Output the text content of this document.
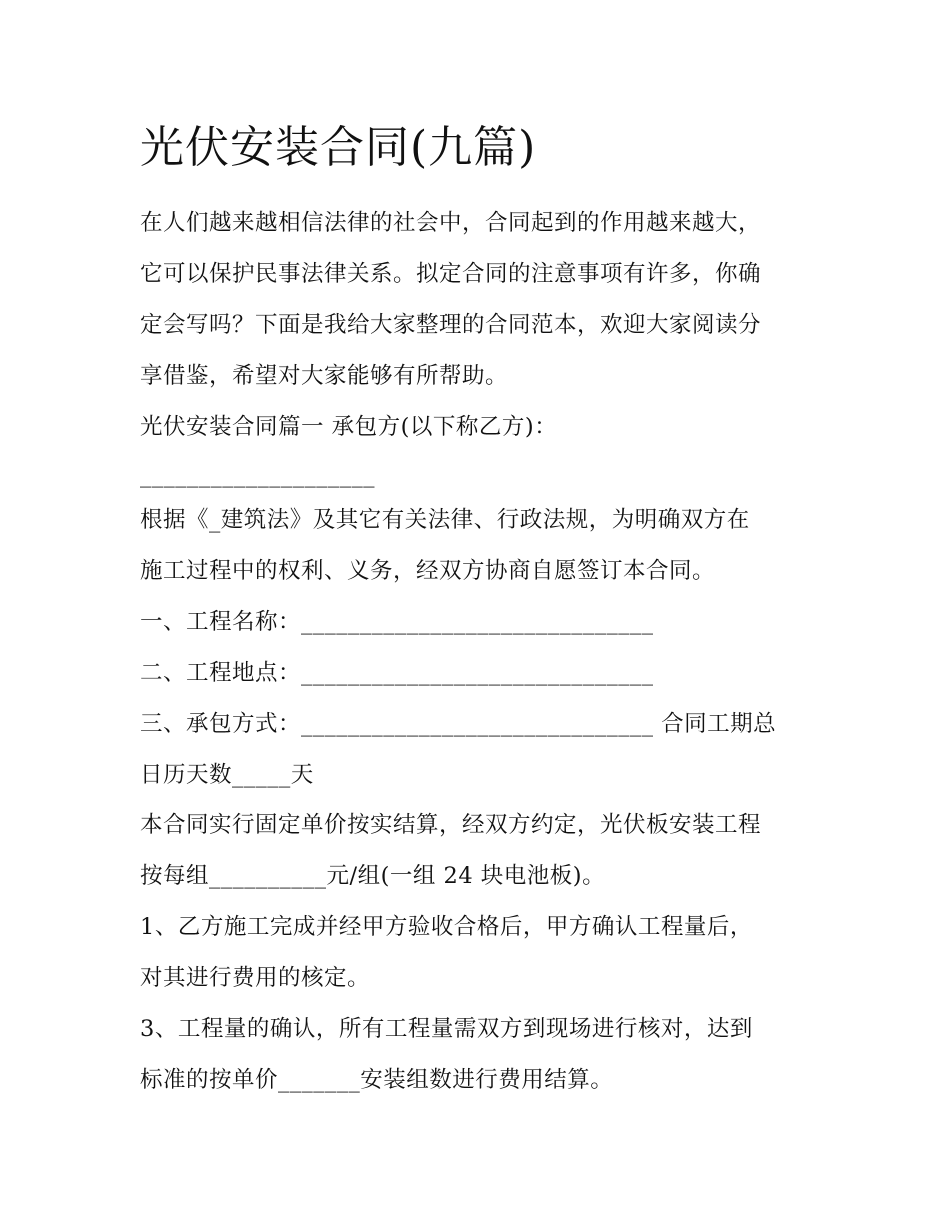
光伏安装合同(九篇)

在人们越来越相信法律的社会中，合同起到的作用越来越大，

它可以保护民事法律关系。拟定合同的注意事项有许多，你确

定会写吗？下面是我给大家整理的合同范本，欢迎大家阅读分

享借鉴，希望对大家能够有所帮助。

光伏安装合同篇一 承包方(以下称乙方)：

____________________

根据《_建筑法》及其它有关法律、行政法规，为明确双方在

施工过程中的权利、义务，经双方协商自愿签订本合同。

一、工程名称：______________________________

二、工程地点：______________________________

三、承包方式：______________________________ 合同工期总

日历天数_____天

本合同实行固定单价按实结算，经双方约定，光伏板安装工程

按每组__________元/组(一组 24 块电池板)。

1、乙方施工完成并经甲方验收合格后，甲方确认工程量后，

对其进行费用的核定。

3、工程量的确认，所有工程量需双方到现场进行核对，达到

标准的按单价_______安装组数进行费用结算。
